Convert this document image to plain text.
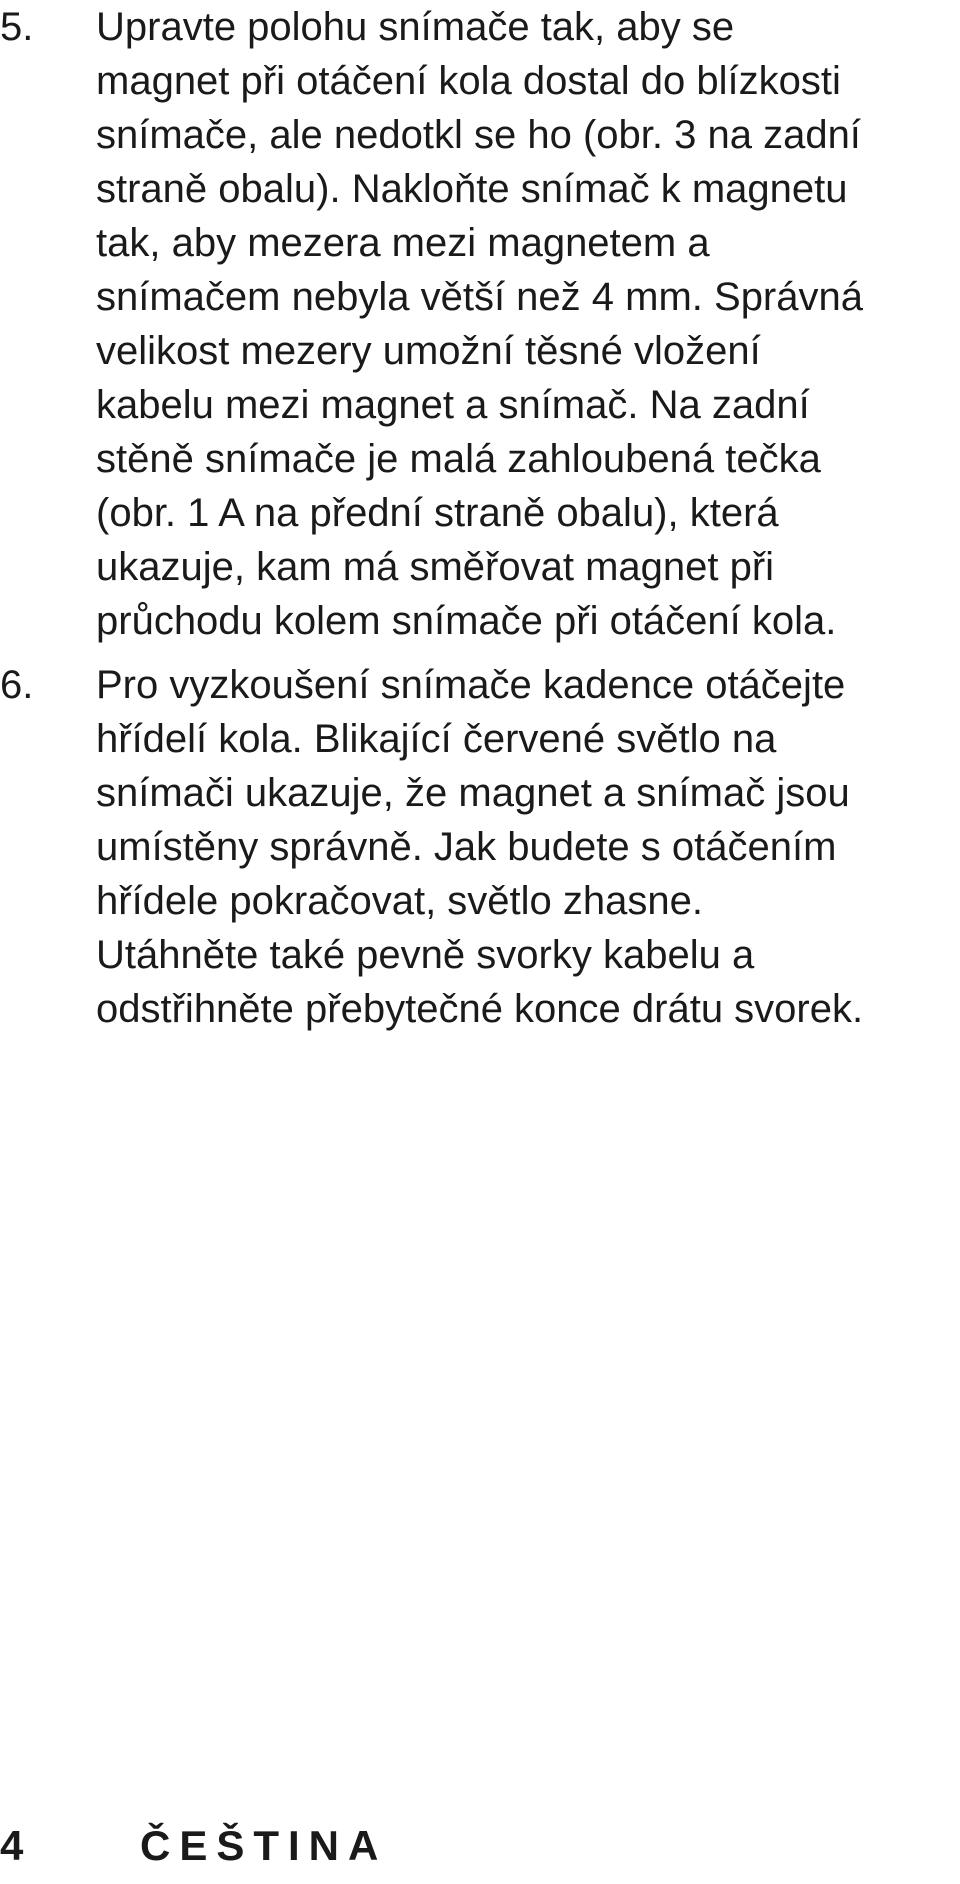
5.	Upravte polohu snímače tak, aby se
magnet při otáčení kola dostal do blízkosti
snímače, ale nedotkl se ho (obr. 3 na zadní
straně obalu). Nakloňte snímač k magnetu
tak, aby mezera mezi magnetem a
snímačem nebyla větší než 4 mm. Správná
velikost mezery umožní těsné vložení
kabelu mezi magnet a snímač. Na zadní
stěně snímače je malá zahloubená tečka
(obr. 1 A na přední straně obalu), která
ukazuje, kam má směřovat magnet při
průchodu kolem snímače při otáčení kola.

6.	Pro vyzkoušení snímače kadence otáčejte
hřídelí kola. Blikající červené světlo na
snímači ukazuje, že magnet a snímač jsou
umístěny správně. Jak budete s otáčením
hřídele pokračovat, světlo zhasne.
Utáhněte také pevně svorky kabelu a
odstřihněte přebytečné konce drátu svorek.

4	ČEŠTINA
